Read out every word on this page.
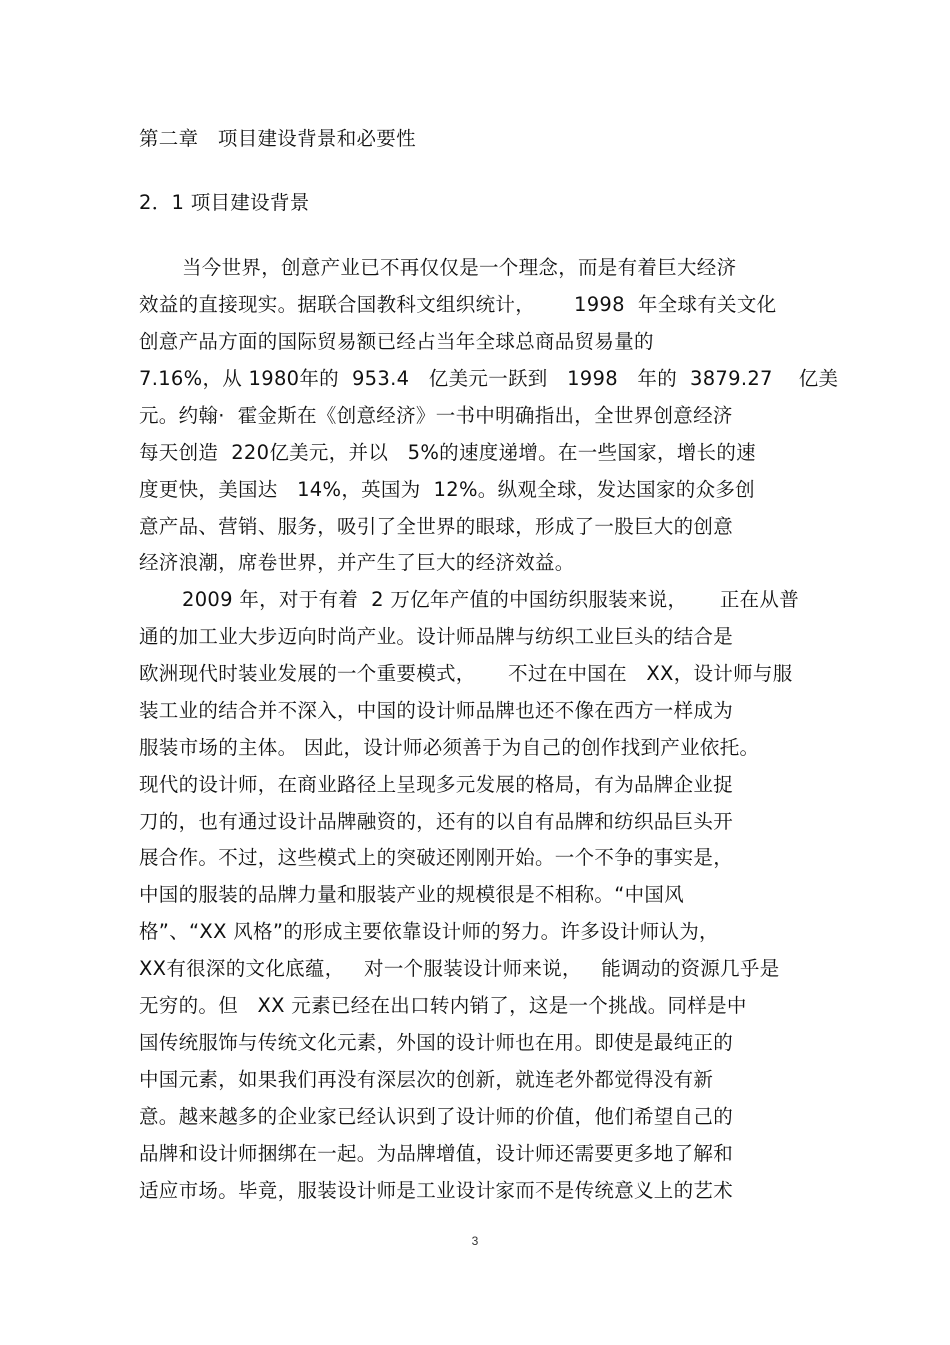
第二章   项目建设背景和必要性
2．1 项目建设背景
当今世界，创意产业已不再仅仅是一个理念，而是有着巨大经济
效益的直接现实。据联合国教科文组织统计，      1998  年全球有关文化
创意产品方面的国际贸易额已经占当年全球总商品贸易量的
7.16%，从 1980年的  953.4   亿美元一跃到   1998   年的  3879.27    亿美
元。约翰·  霍金斯在《创意经济》一书中明确指出，全世界创意经济
每天创造  220亿美元，并以   5%的速度递增。在一些国家，增长的速
度更快，美国达   14%，英国为  12%。纵观全球，发达国家的众多创
意产品、营销、服务，吸引了全世界的眼球，形成了一股巨大的创意
经济浪潮，席卷世界，并产生了巨大的经济效益。
2009 年，对于有着  2 万亿年产值的中国纺织服装来说，     正在从普
通的加工业大步迈向时尚产业。设计师品牌与纺织工业巨头的结合是
欧洲现代时装业发展的一个重要模式，     不过在中国在   XX，设计师与服
装工业的结合并不深入，中国的设计师品牌也还不像在西方一样成为
服装市场的主体。 因此，设计师必须善于为自己的创作找到产业依托。
现代的设计师，在商业路径上呈现多元发展的格局，有为品牌企业捉
刀的，也有通过设计品牌融资的，还有的以自有品牌和纺织品巨头开
展合作。不过，这些模式上的突破还刚刚开始。一个不争的事实是，
中国的服装的品牌力量和服装产业的规模很是不相称。“中国风
格”、“XX 风格”的形成主要依靠设计师的努力。许多设计师认为，
XX有很深的文化底蕴，   对一个服装设计师来说，   能调动的资源几乎是
无穷的。但   XX 元素已经在出口转内销了，这是一个挑战。同样是中
国传统服饰与传统文化元素，外国的设计师也在用。即使是最纯正的
中国元素，如果我们再没有深层次的创新，就连老外都觉得没有新
意。越来越多的企业家已经认识到了设计师的价值，他们希望自己的
品牌和设计师捆绑在一起。为品牌增值，设计师还需要更多地了解和
适应市场。毕竟，服装设计师是工业设计家而不是传统意义上的艺术
3
